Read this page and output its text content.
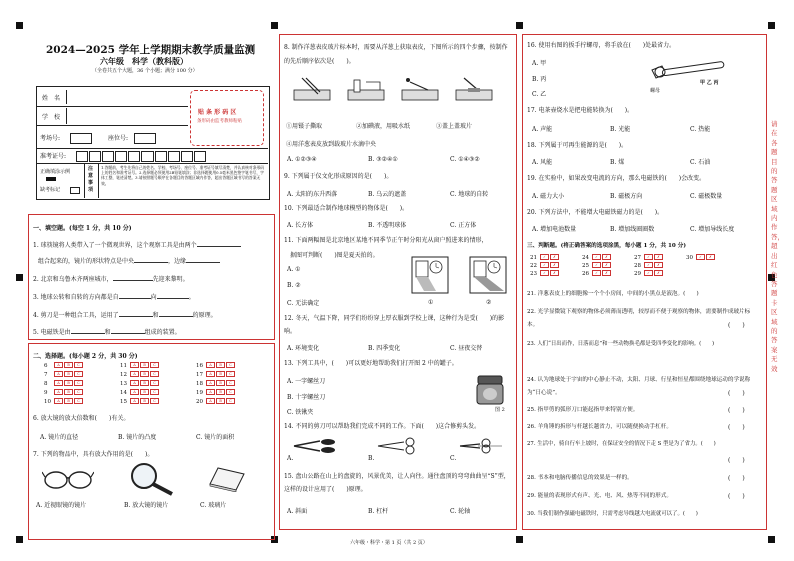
2024—2025 学年上学期期末教学质量监测
六年级　科学（教科版）
（全卷共五个大题，36 个小题；满分 100 分）
姓　名
学　校
考场号:	座位号:
贴 条 形 码 区
条形码由监考教师粘贴
准考证号:
正确填涂示例
缺考标记
注意事项
1.答题前，考生先将自己的姓名、学校、考场号、座位号、准考证号填写清楚，并认真核对条形码上的姓名和准考证号。2.选择题必须使用2B铅笔填涂；非选择题使用0.5毫米黑色签字笔书写，字体工整，笔迹清楚。3.请按照题号顺序在各题目的答题区域内作答，超出答题区域书写的答案无效。
一、填空题。(每空 1 分，共 10 分)
1. 球筷镜将人类带入了一个微观世界，这个观察工具是由两个
组合起来的，镜片的形状特点是中央	，边缘
2. 北京和乌鲁木齐两座城市，	先迎来黎明。
3. 地球公转和自转的方向都是自	向	。
4. 剪刀是一种组合工具，运用了	和	的原理。
5. 电磁铁是由	和	组成的装置。
二、选择题。(每小题 2 分，共 30 分)
6	A B C	11 A B C	16 A B C
7	A B C	12 A B C	17 A B C
8	A B C	13 A B C	18 A B C
9	A B C	14 A B C	19 A B C
10 A B C	15 A B C	20 A B C
6. 放大镜的放大倍数和(　　)有关。
A. 镜片的直径	B. 镜片的凸度	C. 镜片的面积
7. 下列的物品中，具有放大作用的是(　　)。
A. 近视眼镜的镜片	B. 放大镜的镜片	C. 玻璃片
8. 制作洋葱表皮玻片标本时，需要从洋葱上获取表皮，下图所示的四个步骤，按制作的先后顺序依次是(　　)。
①用镊子撕取	②加碘液，用吸水纸	③盖上盖玻片
④用洋葱表皮放到载玻片水滴中央
A. ①②③④	B. ③②④①	C. ①④③②
9. 下列属于仪文化形成原因的是(　　)。
A. 太阳的东升西落	B. 乌云的遮盖	C. 地球的自转
10. 下列最适合制作地球模型的物体是(　　)。
A. 长方体	B. 不透明球体	C. 正方体
11. 下面两幅图是北京地区某地不同季节正午时分阳光从窗户照进来的情形，
据图可判断(　　)图是夏天拍的。
A. ①
B. ②
C. 无法确定	①	②
12. 冬天，气温下降，同学们纷纷穿上厚衣服到学校上课，这种行为是受(　　)的影响。
A. 环境变化	B. 四季变化	C. 昼夜交替
13. 下列工具中，(　　)可以更好地帮助我们打开图 2 中的罐子。
A. 一字螺丝刀
B. 十字螺丝刀
C. 铁锹夹	图 2
14. 不同的剪刀可以帮助我们完成不同的工作。下面(　　)这合修剪头发。
A.	B.	C.
15. 盘山公路在山上的盘旋的，风景优美，让人向往。通往盘顶的弯弯曲曲呈“S”型，这样的设计应用了(　　)原理。
A. 斜面	B. 杠杆	C. 轮轴
16. 使用右图的扳手拧螺母，将手放在(　　)处最省力。
A. 甲
B. 丙
C. 乙
甲 乙 丙
螺母
17. 电茶壶烧水是把电能转换为(　　)。
A. 声能	B. 光能	C. 热能
18. 下列属于可再生能源的是(　　)。
A. 风能	B. 煤	C. 石油
19. 在实验中，如果改变电流的方向，那么电磁铁的(　　)会改变。
A. 磁力大小	B. 磁极方向	C. 磁极数量
20. 下列方法中，不能增大电磁铁磁力的是(　　)。
A. 增加电池数量	B. 增加线圈圈数	C. 增加导线长度
三、判断题。(将正确答案的选项涂黑，每小题 1 分，共 10 分)
21 ✓ ✗	24 ✓ ✗	27 ✓ ✗	30 ✓ ✗
22 ✓ ✗	25 ✓ ✗	28 ✓ ✗
23 ✓ ✗	26 ✓ ✗	29 ✓ ✗
21. 洋葱表皮上的细胞像一个个小房间，中间的小黑点是液泡。(　　)
22. 光学显微镜下观察的物体必须薄而透明，较厚而不便于观察的物体，需要制作成玻片标本。	(　　)
23. 人们“日出而作，日落而息”和一些动物换毛都是受四季变化的影响。(　　)
24. 认为地球处于宇宙的中心静止不动，太阳、月球、行星和恒星都围绕地球运动的学说称为“日心说”。	(　　)
25. 指甲剪的弧形刀口能起指甲来特别方便。	(　　)
26. 羊角锤的拆形与杆越长越省力，可以随便换动手杠杆。	(　　)
27. 生活中，骑自行车上坡时，在保证安全的情况下走 S 型是为了省力。(　　)
(　　)
28. 书本和电脑传播信息的效果是一样的。	(　　)
29. 能量的表现形式有声、光、电、风、热等不同的形式。	(　　)
30. 当我们制作强磁电磁铁时，只需考虑导线越大电流就可以了。(　　)
请在各题目的答题区域内作答，超出红色答题卡区域的答案无效
六年级・科学・第 1 页（共 2 页）
